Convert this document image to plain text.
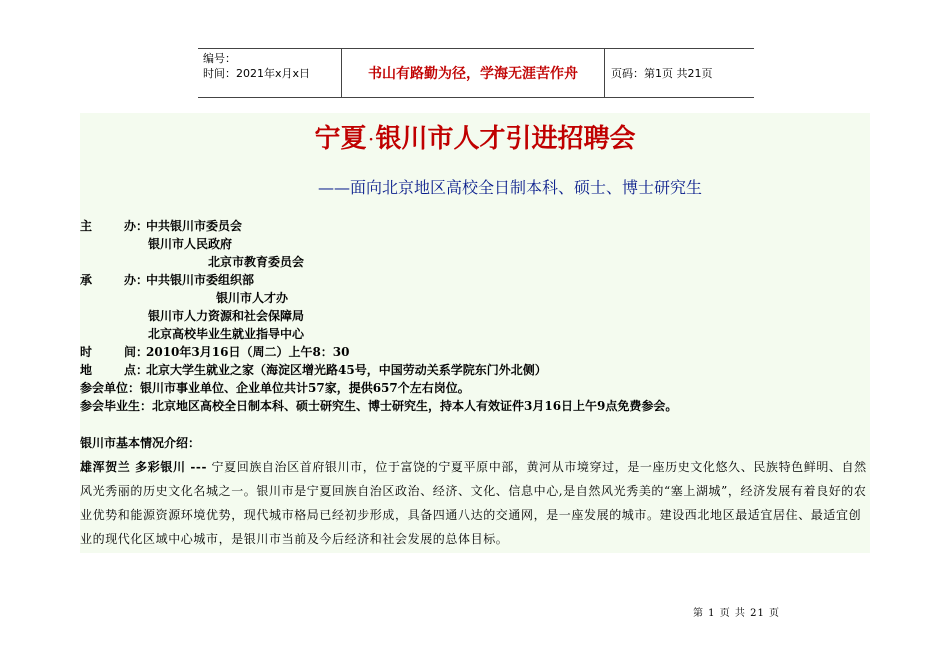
编号：
时间：2021年x月x日	书山有路勤为径，学海无涯苦作舟	页码：第1页 共21页
宁夏 ·银川市人才引进招聘会
——面向北京地区高校全日制本科、硕士、博士研究生
主	办：中共银川市委员会
银川市人民政府
北京市教育委员会
承	办：中共银川市委组织部
银川市人才办
银川市人力资源和社会保障局
北京高校毕业生就业指导中心
时	间：2010年3月16日（周二）上午8：30
地	点：北京大学生就业之家（海淀区增光路45号，中国劳动关系学院东门外北侧）
参会单位：银川市事业单位、企业单位共计57家，提供657个左右岗位。
参会毕业生：北京地区高校全日制本科、硕士研究生、博士研究生，持本人有效证件3月16日上午9点免费参会。
银川市基本情况介绍：
雄浑贺兰 多彩银川 --- 宁夏回族自治区首府银川市，位于富饶的宁夏平原中部，黄河从市境穿过，是一座历史文化悠久、民族特色鲜明、自然风光秀丽的历史文化名城之一。银川市是宁夏回族自治区政治、经济、文化、信息中心,是自然风光秀美的“塞上湖城”，经济发展有着良好的农业优势和能源资源环境优势，现代城市格局已经初步形成，具备四通八达的交通网，是一座发展的城市。建设西北地区最适宜居住、最适宜创业的现代化区域中心城市，是银川市当前及今后经济和社会发展的总体目标。
第 1 页 共 21 页
